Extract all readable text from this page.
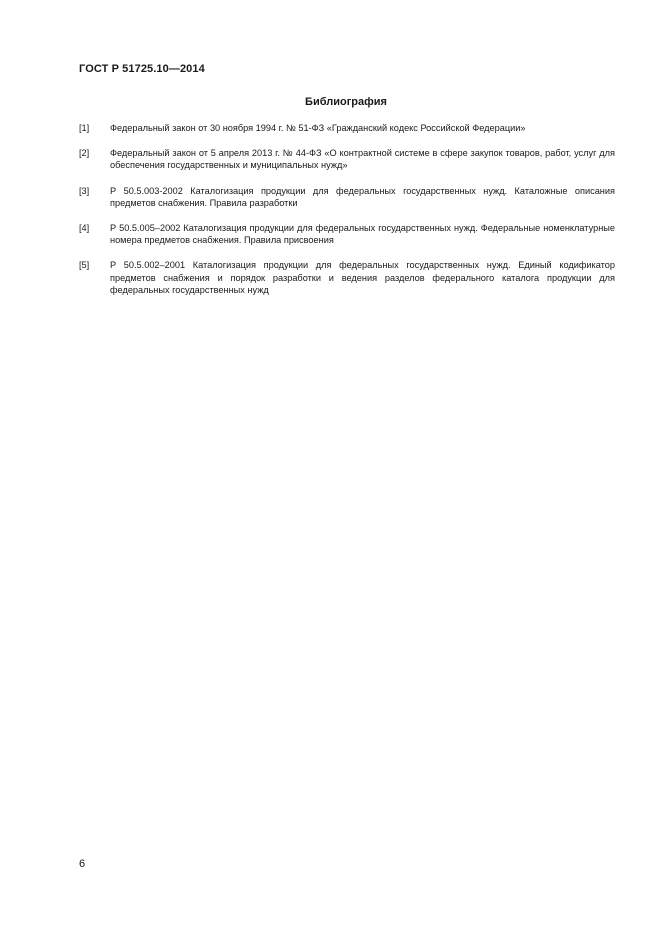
ГОСТ Р 51725.10—2014
Библиография
[1]	Федеральный закон от 30 ноября 1994 г. № 51-ФЗ «Гражданский кодекс Российской Федерации»
[2]	Федеральный закон от 5 апреля 2013 г. № 44-ФЗ «О контрактной системе в сфере закупок товаров, работ, услуг для обеспечения государственных и муниципальных нужд»
[3]	Р 50.5.003-2002 Каталогизация продукции для федеральных государственных нужд. Каталожные описания предметов снабжения. Правила разработки
[4]	Р 50.5.005–2002 Каталогизация продукции для федеральных государственных нужд. Федеральные номенклатурные номера предметов снабжения. Правила присвоения
[5]	Р 50.5.002–2001 Каталогизация продукции для федеральных государственных нужд. Единый кодификатор предметов снабжения и порядок разработки и ведения разделов федерального каталога продукции для федеральных государственных нужд
6
